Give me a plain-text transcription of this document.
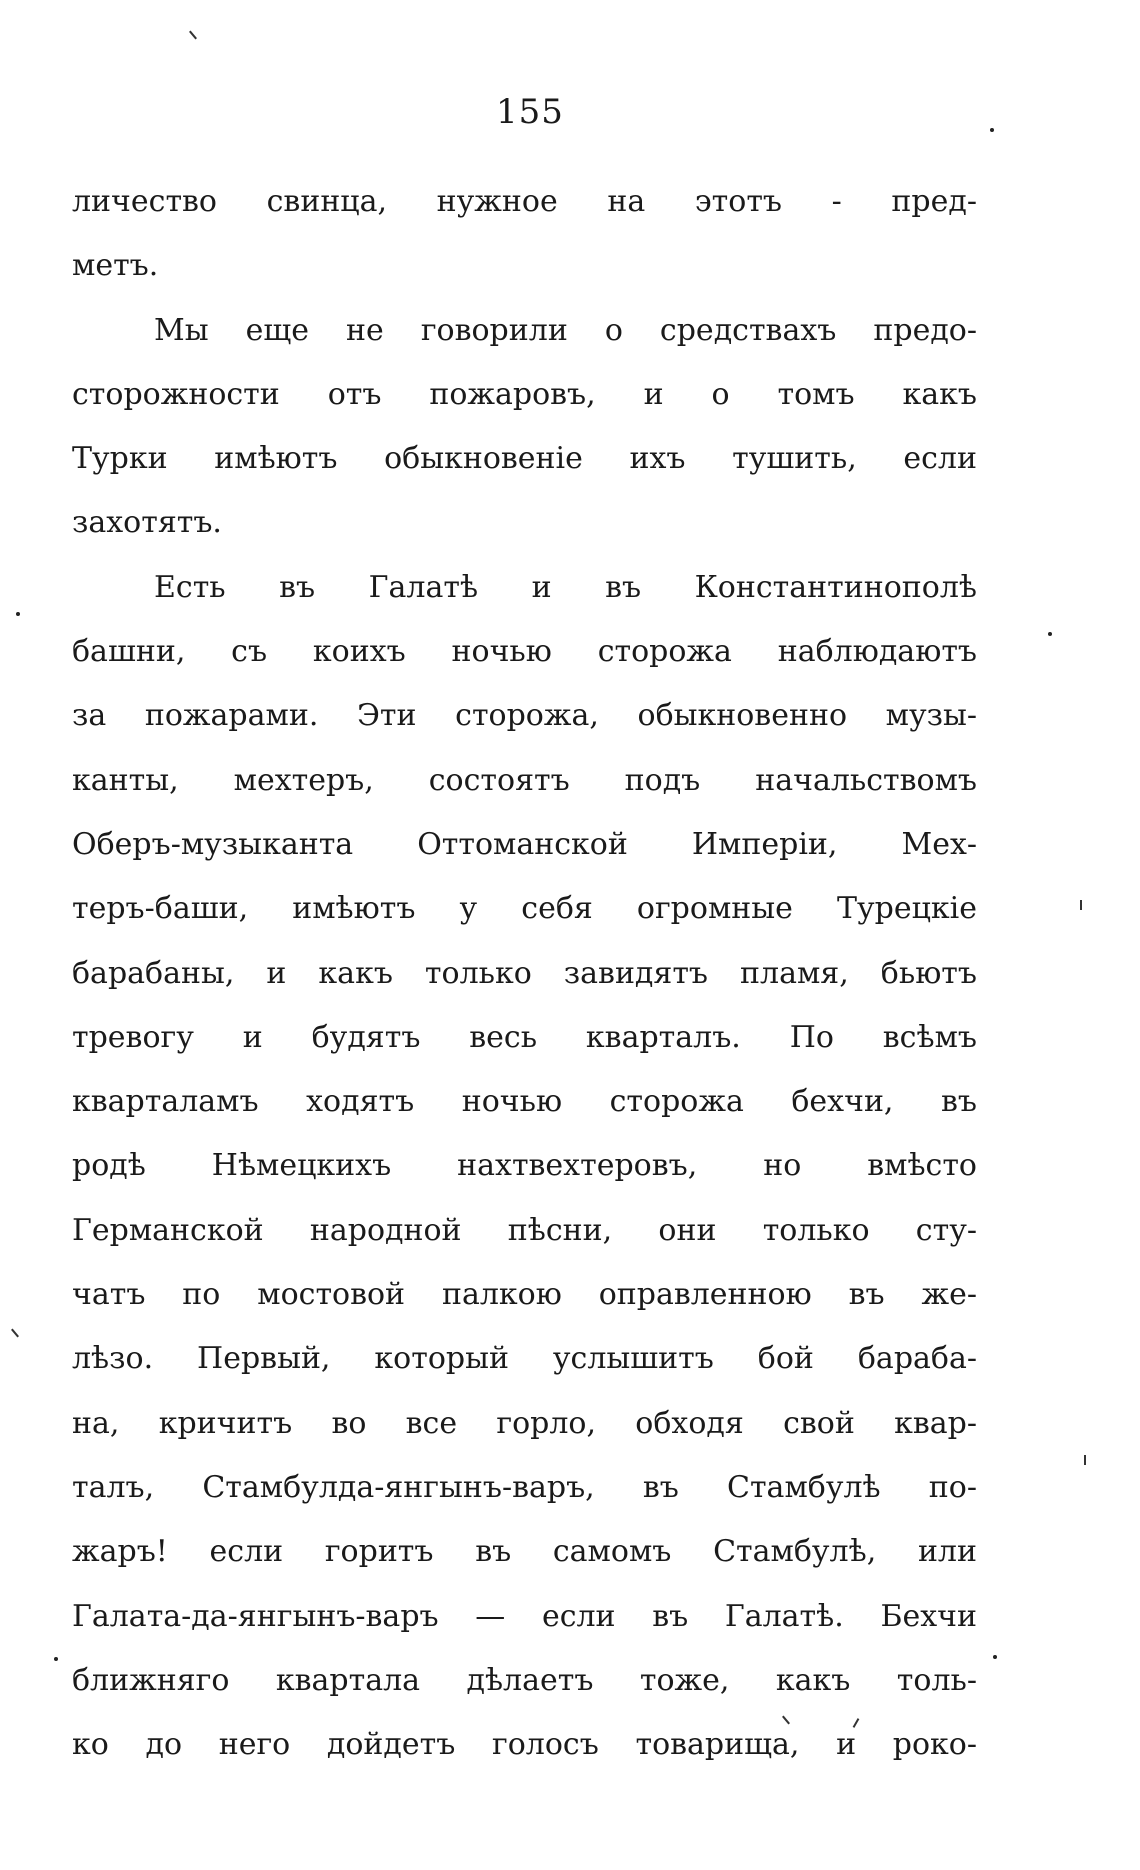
155
личество свинца, нужное на этотъ - пред-
метъ.
Мы еще не говорили о средствахъ предо-
сторожности отъ пожаровъ, и о томъ какъ
Турки имѣютъ обыкновеніе ихъ тушить, если
захотятъ.
Есть въ Галатѣ и въ Константинополѣ
башни, съ коихъ ночью сторожа наблюдаютъ
за пожарами. Эти сторожа, обыкновенно музы-
канты, мехтеръ, состоятъ подъ начальствомъ
Оберъ-музыканта Оттоманской Имперіи, Мех-
теръ-баши, имѣютъ у себя огромные Турецкіе
барабаны, и какъ только завидятъ пламя, бьютъ
тревогу и будятъ весь кварталъ. По всѣмъ
кварталамъ ходятъ ночью сторожа бехчи, въ
родѣ Нѣмецкихъ нахтвехтеровъ, но вмѣсто
Германской народной пѣсни, они только сту-
чатъ по мостовой палкою оправленною въ же-
лѣзо. Первый, который услышитъ бой бараба-
на, кричитъ во все горло, обходя свой квар-
талъ, Стамбулда-янгынъ-варъ, въ Стамбулѣ по-
жаръ! если горитъ въ самомъ Стамбулѣ, или
Галата-да-янгынъ-варъ — если въ Галатѣ. Бехчи
ближняго квартала дѣлаетъ тоже, какъ толь-
ко до него дойдетъ голосъ товарища, и роко-
